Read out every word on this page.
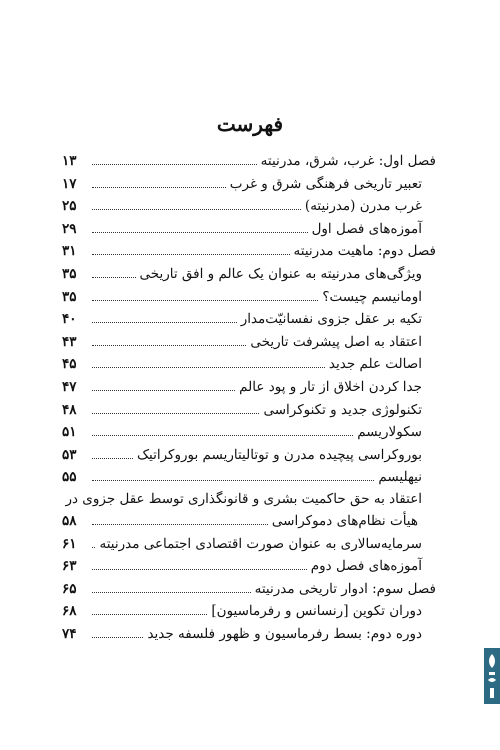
فهرست
فصل اول: غرب، شرق، مدرنیته
۱۳
تعبیر تاریخی فرهنگی شرق و غرب
۱۷
غرب مدرن (مدرنیته)
۲۵
آموزه‌های فصل اول
۲۹
فصل دوم: ماهیت مدرنیته
۳۱
ویژگی‌های مدرنیته به عنوان یک عالم و افق تاریخی
۳۵
اومانیسم چیست؟
۳۵
تکیه بر عقل جزوی نفسانیّت‌مدار
۴۰
اعتقاد به اصل پیشرفت تاریخی
۴۳
اصالت علم جدید
۴۵
جدا کردن اخلاق از تار و پود عالم
۴۷
تکنولوژی جدید و تکنوکراسی
۴۸
سکولاریسم
۵۱
بوروکراسی پیچیده مدرن و توتالیتاریسم بوروکراتیک
۵۳
نیهلیسم
۵۵
اعتقاد به حق حاکمیت بشری و قانونگذاری توسط عقل جزوی در
هیأت نظام‌های دموکراسی
۵۸
سرمایه‌سالاری به عنوان صورت اقتصادی اجتماعی مدرنیته
۶۱
آموزه‌های فصل دوم
۶۳
فصل سوم: ادوار تاریخی مدرنیته
۶۵
دوران تکوین [رنسانس و رفرماسیون]
۶۸
دوره دوم: بسط رفرماسیون و ظهور فلسفه جدید
۷۴
